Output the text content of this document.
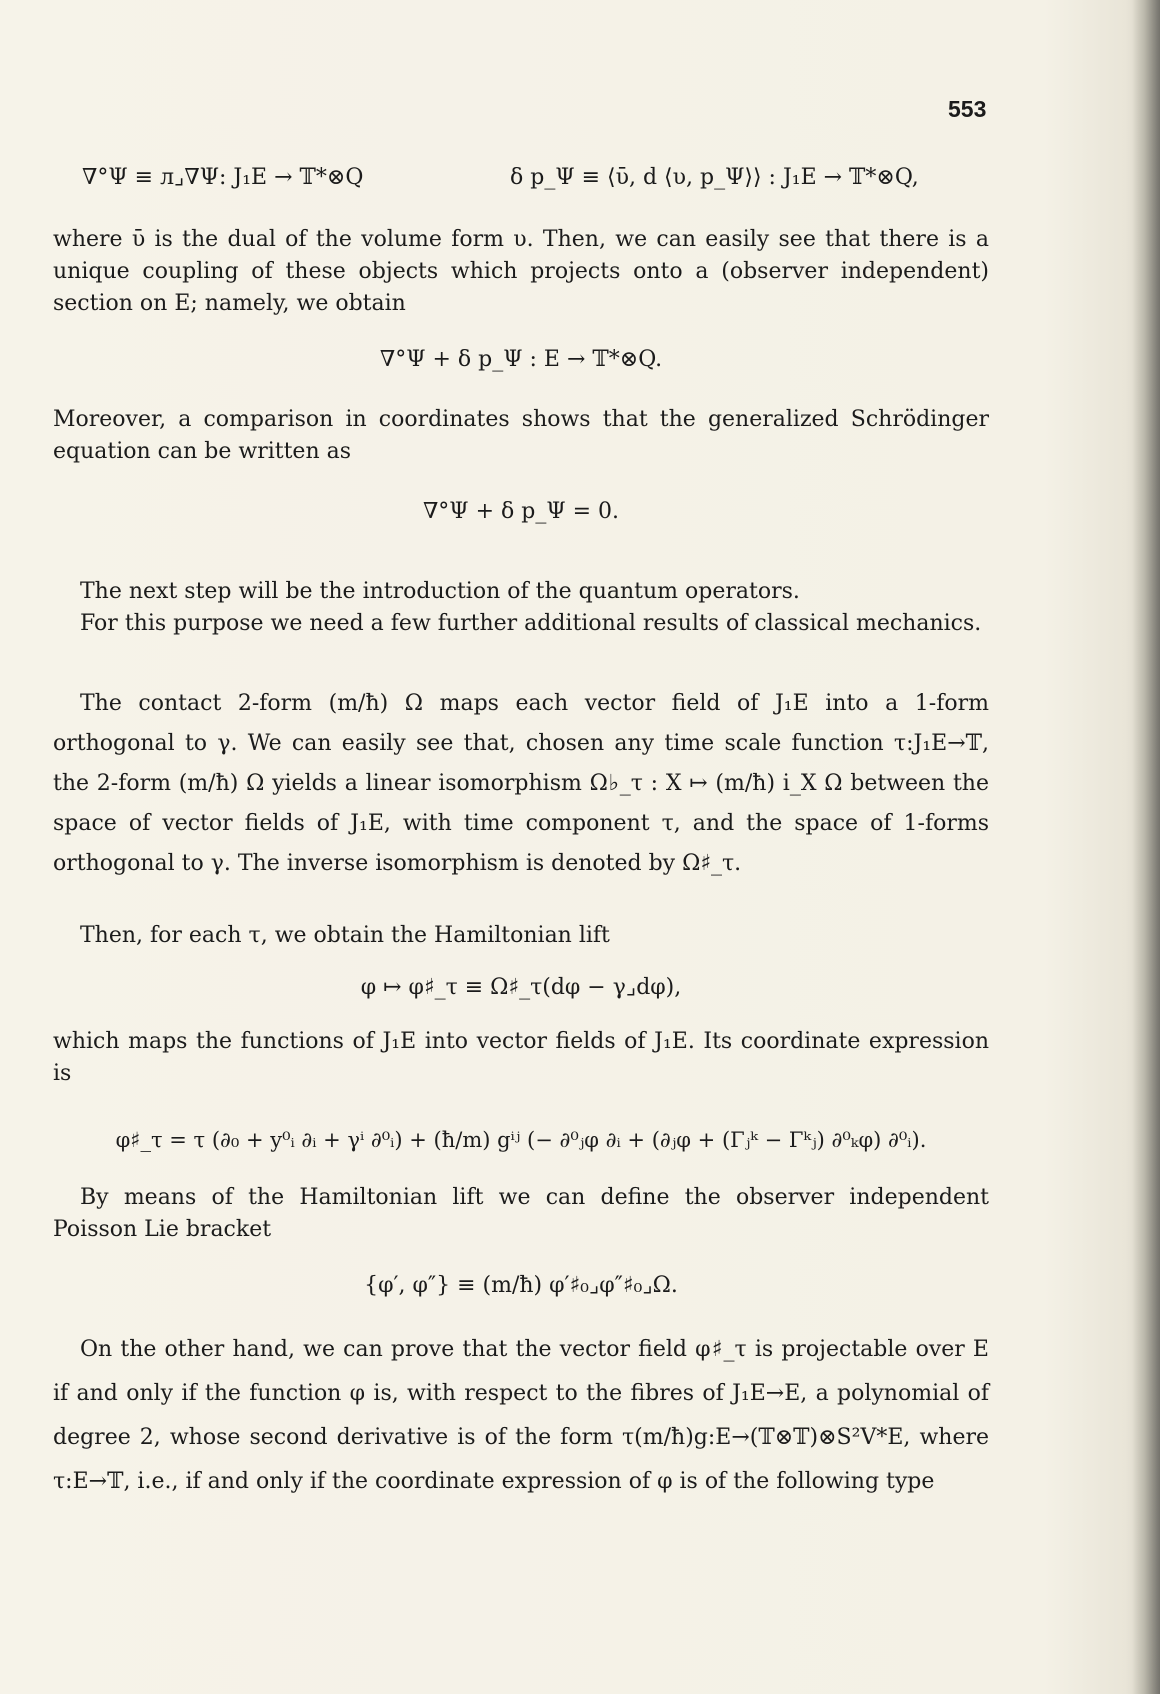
553
∇°Ψ ≡ л⌟∇Ψ: J₁E → 𝕋*⊗Q	δ p_Ψ ≡ ⟨ῡ, d ⟨υ, p_Ψ⟩⟩ : J₁E → 𝕋*⊗Q,
where ῡ is the dual of the volume form υ. Then, we can easily see that there is a unique coupling of these objects which projects onto a (observer independent) section on E; namely, we obtain
∇°Ψ + δ p_Ψ : E → 𝕋*⊗Q.
Moreover, a comparison in coordinates shows that the generalized Schrödinger equation can be written as
∇°Ψ + δ p_Ψ = 0.
The next step will be the introduction of the quantum operators.
For this purpose we need a few further additional results of classical mechanics.
The contact 2-form (m/ħ) Ω maps each vector field of J₁E into a 1-form orthogonal to γ. We can easily see that, chosen any time scale function τ:J₁E→𝕋, the 2-form (m/ħ) Ω yields a linear isomorphism Ω♭_τ : X ↦ (m/ħ) i_X Ω between the space of vector fields of J₁E, with time component τ, and the space of 1-forms orthogonal to γ. The inverse isomorphism is denoted by Ω♯_τ.
Then, for each τ, we obtain the Hamiltonian lift
φ ↦ φ♯_τ ≡ Ω♯_τ(dφ − γ⌟dφ),
which maps the functions of J₁E into vector fields of J₁E. Its coordinate expression is
φ♯_τ = τ (∂₀ + y⁰ᵢ ∂ᵢ + γⁱ ∂⁰ᵢ) + (ħ/m) gⁱʲ (− ∂⁰ⱼφ ∂ᵢ + (∂ⱼφ + (Γⱼᵏ − Γᵏⱼ) ∂⁰ₖφ) ∂⁰ᵢ).
By means of the Hamiltonian lift we can define the observer independent Poisson Lie bracket
{φ′, φ″} ≡ (m/ħ) φ′♯₀⌟φ″♯₀⌟Ω.
On the other hand, we can prove that the vector field φ♯_τ is projectable over E if and only if the function φ is, with respect to the fibres of J₁E→E, a polynomial of degree 2, whose second derivative is of the form τ(m/ħ)g:E→(𝕋⊗𝕋)⊗S²V*E, where τ:E→𝕋, i.e., if and only if the coordinate expression of φ is of the following type
